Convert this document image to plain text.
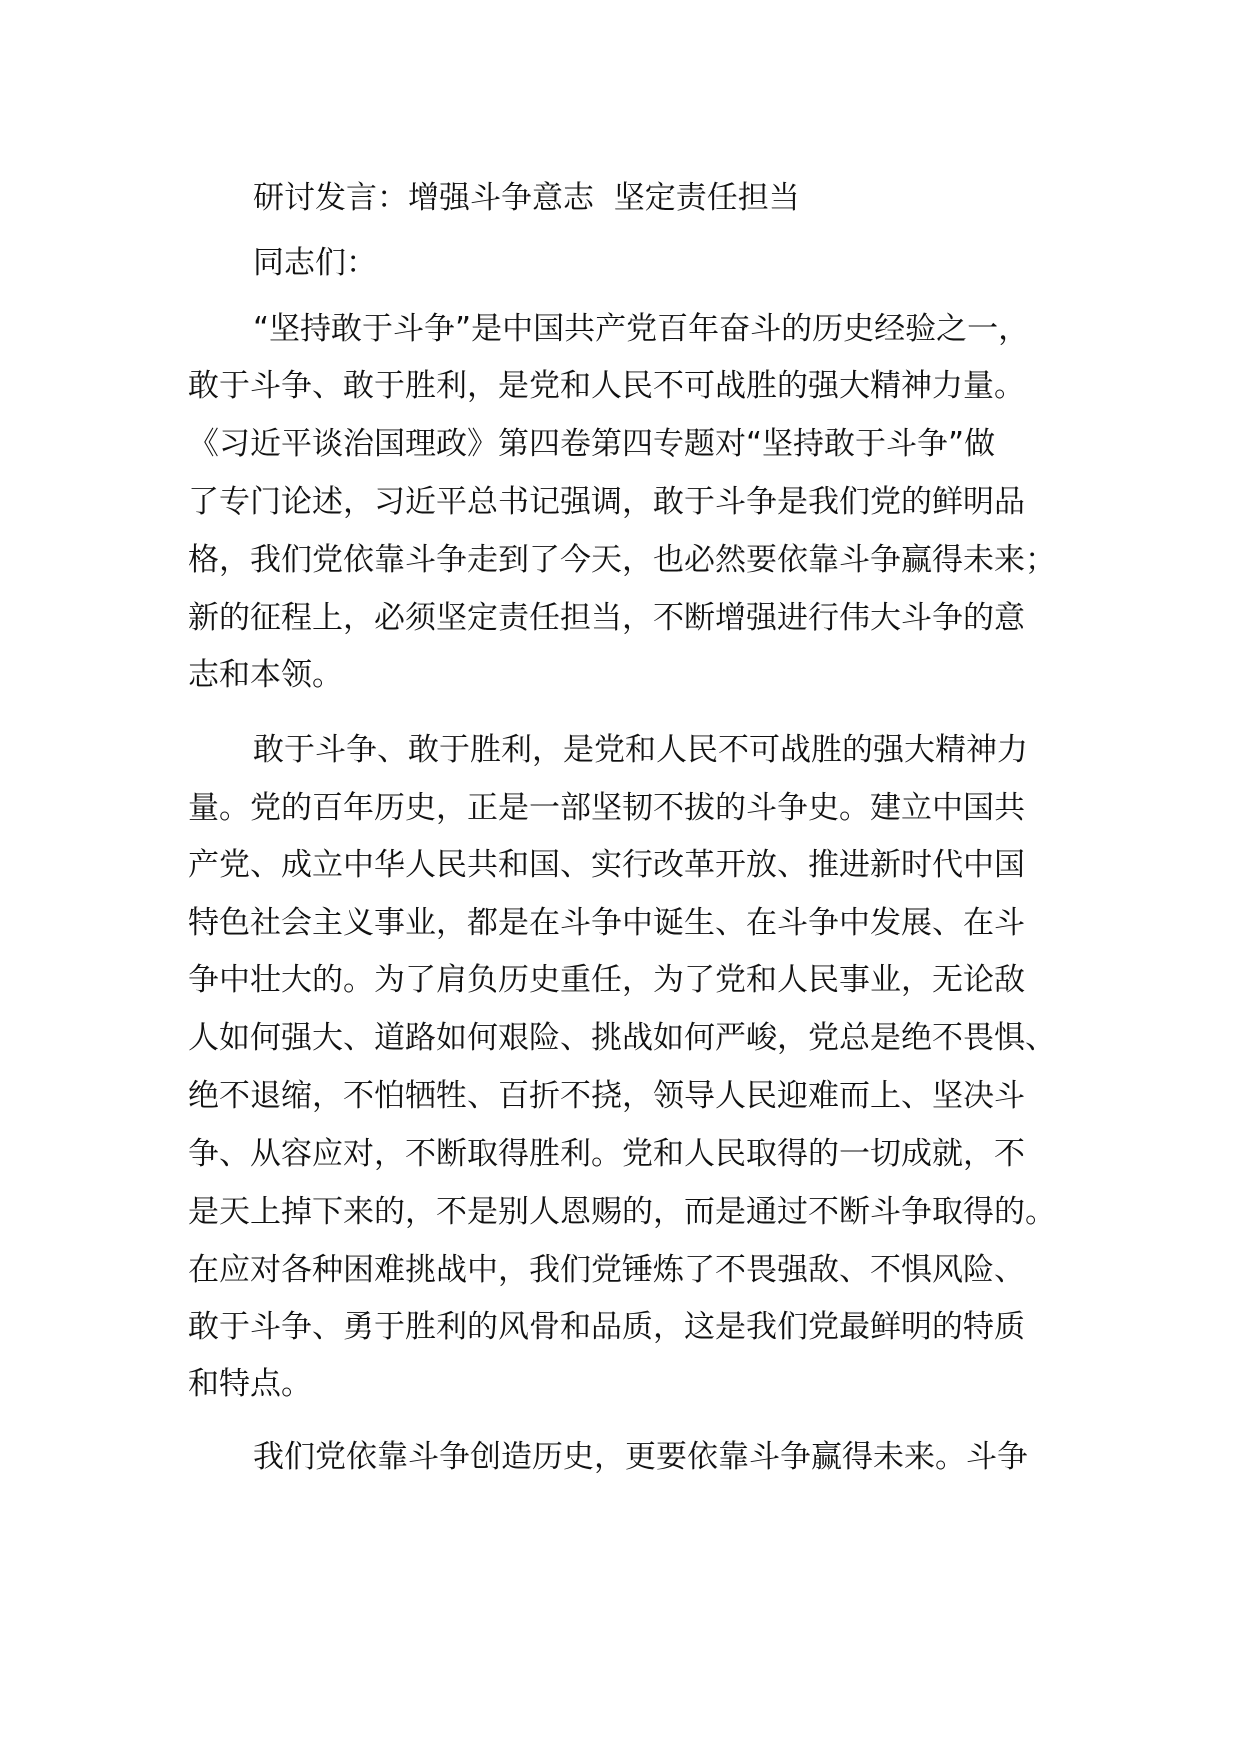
研讨发言：增强斗争意志  坚定责任担当
同志们：
“坚持敢于斗争”是中国共产党百年奋斗的历史经验之一，
敢于斗争、敢于胜利，是党和人民不可战胜的强大精神力量。
《习近平谈治国理政》第四卷第四专题对“坚持敢于斗争”做
了专门论述，习近平总书记强调，敢于斗争是我们党的鲜明品
格，我们党依靠斗争走到了今天，也必然要依靠斗争赢得未来；
新的征程上，必须坚定责任担当，不断增强进行伟大斗争的意
志和本领。
敢于斗争、敢于胜利，是党和人民不可战胜的强大精神力
量。党的百年历史，正是一部坚韧不拔的斗争史。建立中国共
产党、成立中华人民共和国、实行改革开放、推进新时代中国
特色社会主义事业，都是在斗争中诞生、在斗争中发展、在斗
争中壮大的。为了肩负历史重任，为了党和人民事业，无论敌
人如何强大、道路如何艰险、挑战如何严峻，党总是绝不畏惧、
绝不退缩，不怕牺牲、百折不挠，领导人民迎难而上、坚决斗
争、从容应对，不断取得胜利。党和人民取得的一切成就，不
是天上掉下来的，不是别人恩赐的，而是通过不断斗争取得的。
在应对各种困难挑战中，我们党锤炼了不畏强敌、不惧风险、
敢于斗争、勇于胜利的风骨和品质，这是我们党最鲜明的特质
和特点。
我们党依靠斗争创造历史，更要依靠斗争赢得未来。斗争
